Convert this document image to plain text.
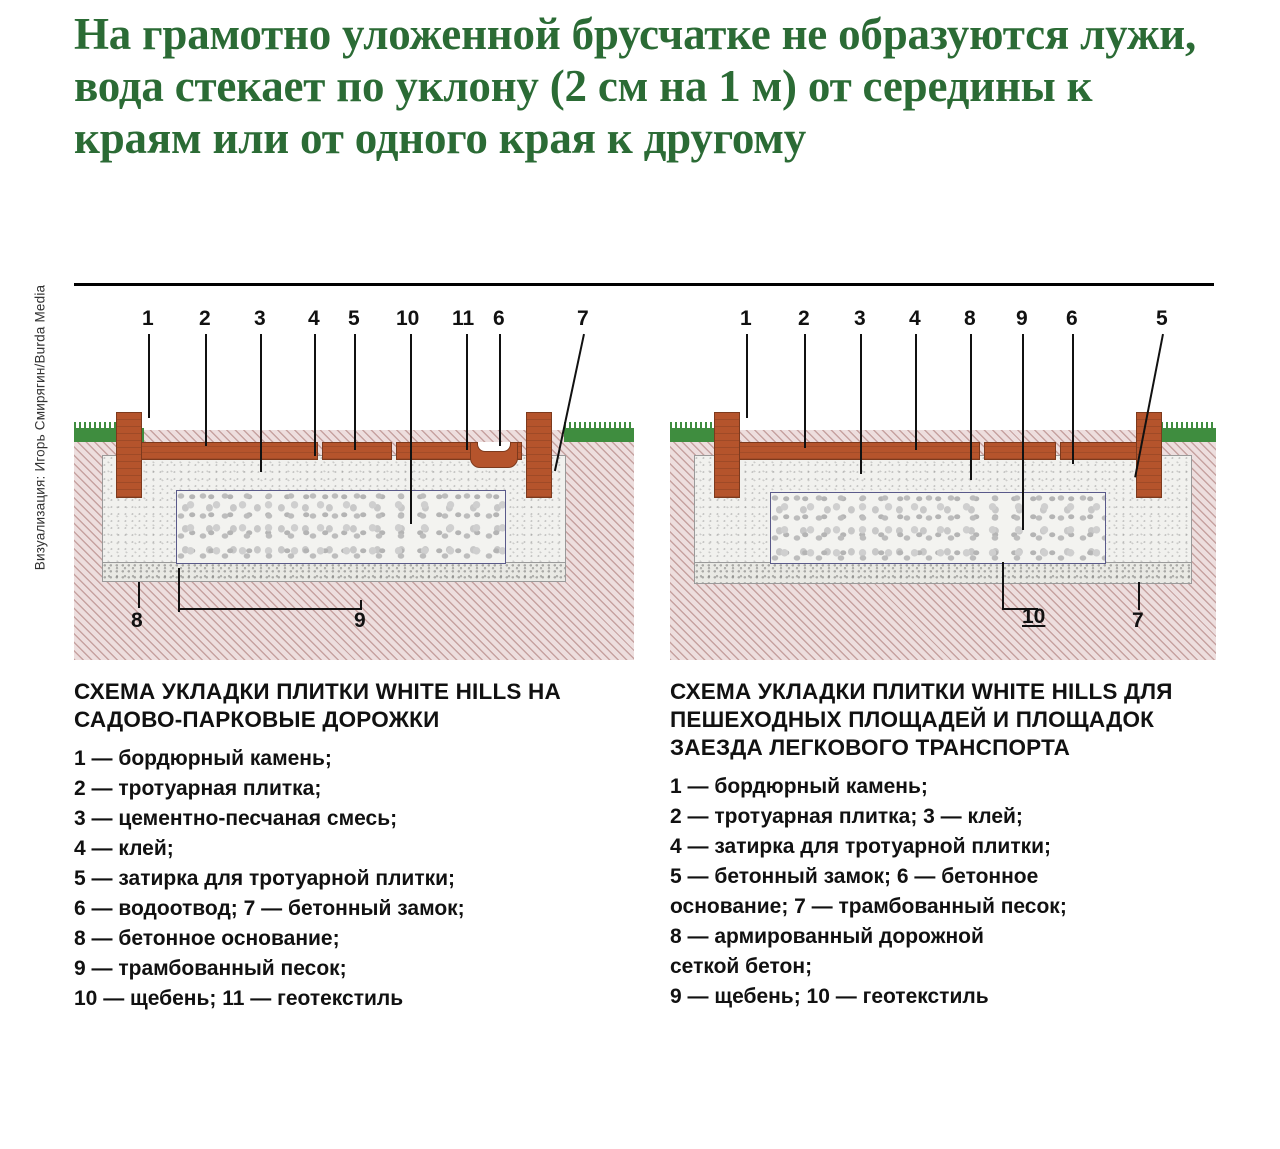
На грамотно уложенной брусчатке не образуются лужи, вода стекает по уклону (2 см на 1 м) от середины к краям или от одного края к другому
Визуализация: Игорь Смирягин/Burda Media	1 2 3 4 5 10 11 6	7
8	9
СХЕМА УКЛАДКИ ПЛИТКИ WHITE HILLS НА САДОВО-ПАРКОВЫЕ ДОРОЖКИ
1 — бордюрный камень;
2 — тротуарная плитка;
3 — цементно-песчаная смесь;
4 — клей;
5 — затирка для тротуарной плитки;
6 — водоотвод; 7 — бетонный замок;
8 — бетонное основание;
9 — трамбованный песок;
10 — щебень; 11 — геотекстиль
1 2 3 4 8 9 6	5
10	7
СХЕМА УКЛАДКИ ПЛИТКИ WHITE HILLS ДЛЯ ПЕШЕХОДНЫХ ПЛОЩАДЕЙ И ПЛОЩАДОК ЗАЕЗДА ЛЕГКОВОГО ТРАНСПОРТА
1 — бордюрный камень;
2 — тротуарная плитка; 3 — клей;
4 — затирка для тротуарной плитки;
5 — бетонный замок; 6 — бетонное
основание; 7 — трамбованный песок;
8 — армированный дорожной
сеткой бетон;
9 — щебень; 10 — геотекстиль
